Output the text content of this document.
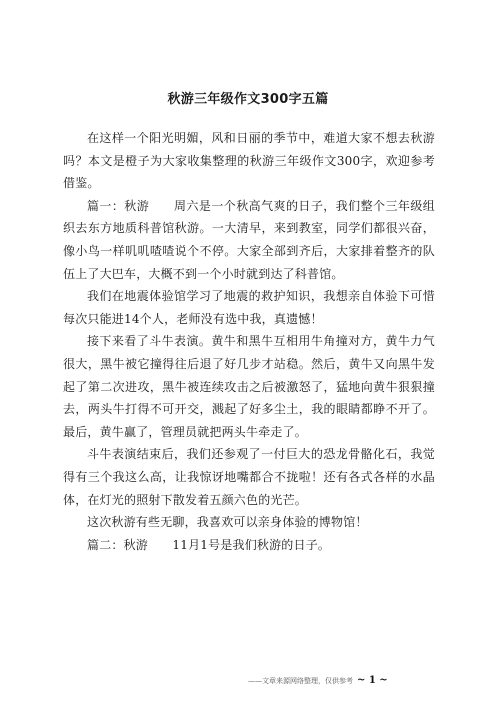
秋游三年级作文300字五篇

在这样一个阳光明媚，风和日丽的季节中，难道大家不想去秋游吗？本文是橙子为大家收集整理的秋游三年级作文300字，欢迎参考借鉴。

篇一：秋游　　周六是一个秋高气爽的日子，我们整个三年级组织去东方地质科普馆秋游。一大清早，来到教室，同学们都很兴奋，像小鸟一样叽叽喳喳说个不停。大家全部到齐后，大家排着整齐的队伍上了大巴车，大概不到一个小时就到达了科普馆。

我们在地震体验馆学习了地震的救护知识，我想亲自体验下可惜每次只能进14个人，老师没有选中我，真遗憾！

接下来看了斗牛表演。黄牛和黑牛互相用牛角撞对方，黄牛力气很大，黑牛被它撞得往后退了好几步才站稳。然后，黄牛又向黑牛发起了第二次进攻，黑牛被连续攻击之后被激怒了，猛地向黄牛狠狠撞去，两头牛打得不可开交，溅起了好多尘土，我的眼睛都睁不开了。最后，黄牛赢了，管理员就把两头牛牵走了。

斗牛表演结束后，我们还参观了一付巨大的恐龙骨骼化石，我觉得有三个我这么高，让我惊讶地嘴都合不拢啦！还有各式各样的水晶体，在灯光的照射下散发着五颜六色的光芒。

这次秋游有些无聊，我喜欢可以亲身体验的博物馆！

篇二：秋游　　11月1号是我们秋游的日子。

——文章来源网络整理，仅供参考 ~ 1 ~
